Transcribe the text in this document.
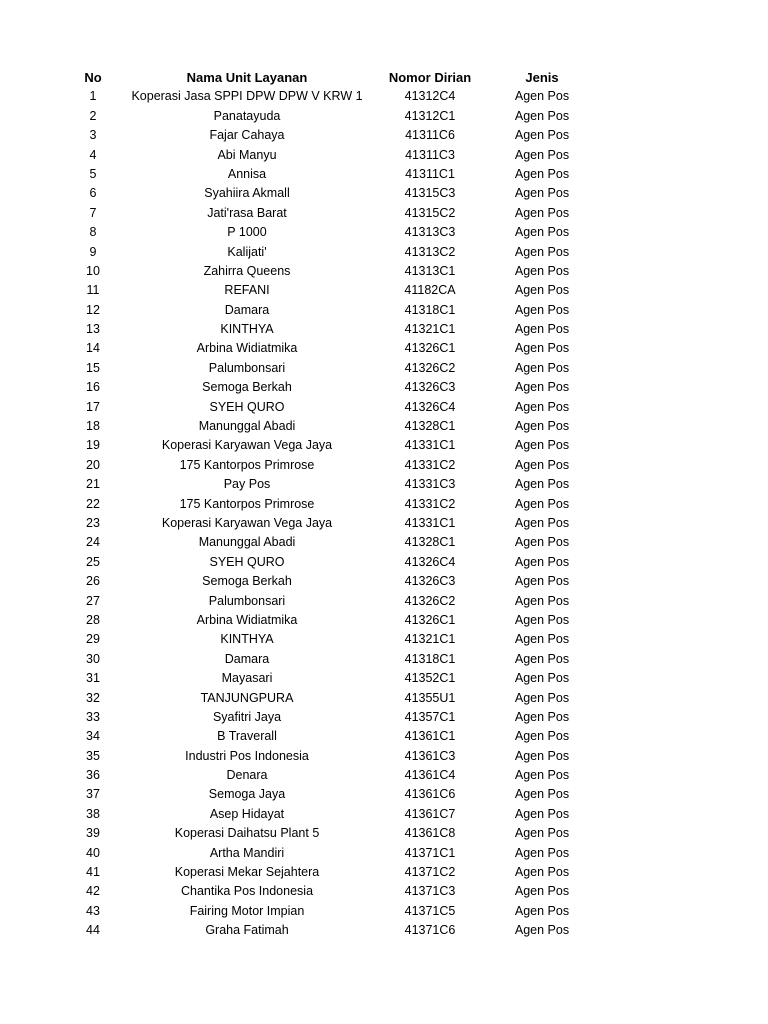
No	Nama Unit Layanan	Nomor Dirian	Jenis
1	Koperasi Jasa SPPI DPW DPW V KRW 1	41312C4	Agen Pos
2	Panatayuda	41312C1	Agen Pos
3	Fajar Cahaya	41311C6	Agen Pos
4	Abi Manyu	41311C3	Agen Pos
5	Annisa	41311C1	Agen Pos
6	Syahiira Akmall	41315C3	Agen Pos
7	Jati'rasa Barat	41315C2	Agen Pos
8	P 1000	41313C3	Agen Pos
9	Kalijati'	41313C2	Agen Pos
10	Zahirra Queens	41313C1	Agen Pos
11	REFANI	41182CA	Agen Pos
12	Damara	41318C1	Agen Pos
13	KINTHYA	41321C1	Agen Pos
14	Arbina Widiatmika	41326C1	Agen Pos
15	Palumbonsari	41326C2	Agen Pos
16	Semoga Berkah	41326C3	Agen Pos
17	SYEH QURO	41326C4	Agen Pos
18	Manunggal Abadi	41328C1	Agen Pos
19	Koperasi Karyawan Vega Jaya	41331C1	Agen Pos
20	175 Kantorpos Primrose	41331C2	Agen Pos
21	Pay Pos	41331C3	Agen Pos
22	175 Kantorpos Primrose	41331C2	Agen Pos
23	Koperasi Karyawan Vega Jaya	41331C1	Agen Pos
24	Manunggal Abadi	41328C1	Agen Pos
25	SYEH QURO	41326C4	Agen Pos
26	Semoga Berkah	41326C3	Agen Pos
27	Palumbonsari	41326C2	Agen Pos
28	Arbina Widiatmika	41326C1	Agen Pos
29	KINTHYA	41321C1	Agen Pos
30	Damara	41318C1	Agen Pos
31	Mayasari	41352C1	Agen Pos
32	TANJUNGPURA	41355U1	Agen Pos
33	Syafitri Jaya	41357C1	Agen Pos
34	B Traverall	41361C1	Agen Pos
35	Industri Pos Indonesia	41361C3	Agen Pos
36	Denara	41361C4	Agen Pos
37	Semoga Jaya	41361C6	Agen Pos
38	Asep Hidayat	41361C7	Agen Pos
39	Koperasi Daihatsu Plant 5	41361C8	Agen Pos
40	Artha Mandiri	41371C1	Agen Pos
41	Koperasi Mekar Sejahtera	41371C2	Agen Pos
42	Chantika Pos Indonesia	41371C3	Agen Pos
43	Fairing Motor Impian	41371C5	Agen Pos
44	Graha Fatimah	41371C6	Agen Pos
